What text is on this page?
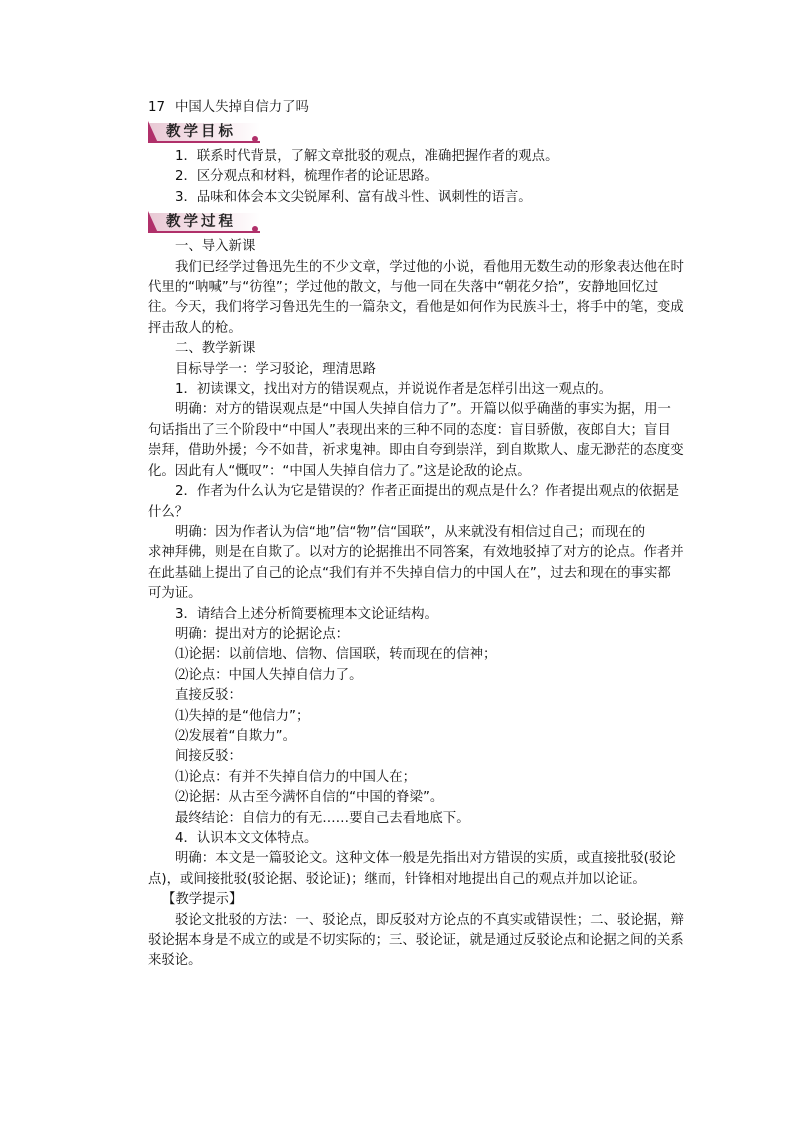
17 中国人失掉自信力了吗
教学目标
1．联系时代背景，了解文章批驳的观点，准确把握作者的观点。
2．区分观点和材料，梳理作者的论证思路。
3．品味和体会本文尖锐犀利、富有战斗性、讽刺性的语言。
教学过程
一、导入新课
我们已经学过鲁迅先生的不少文章，学过他的小说，看他用无数生动的形象表达他在时
代里的“呐喊”与“彷徨”；学过他的散文，与他一同在失落中“朝花夕拾”，安静地回忆过
往。今天，我们将学习鲁迅先生的一篇杂文，看他是如何作为民族斗士，将手中的笔，变成
抨击敌人的枪。
二、教学新课
目标导学一：学习驳论，理清思路
1．初读课文，找出对方的错误观点，并说说作者是怎样引出这一观点的。
明确：对方的错误观点是“中国人失掉自信力了”。开篇以似乎确凿的事实为据，用一
句话指出了三个阶段中“中国人”表现出来的三种不同的态度：盲目骄傲，夜郎自大；盲目
崇拜，借助外援；今不如昔，祈求鬼神。即由自夸到崇洋，到自欺欺人、虚无渺茫的态度变
化。因此有人“慨叹”：“中国人失掉自信力了。”这是论敌的论点。
2．作者为什么认为它是错误的？作者正面提出的观点是什么？作者提出观点的依据是
什么？
明确：因为作者认为信“地”信“物”信“国联”，从来就没有相信过自己；而现在的
求神拜佛，则是在自欺了。以对方的论据推出不同答案，有效地驳掉了对方的论点。作者并
在此基础上提出了自己的论点“我们有并不失掉自信力的中国人在”，过去和现在的事实都
可为证。
3．请结合上述分析简要梳理本文论证结构。
明确：提出对方的论据论点：
⑴论据：以前信地、信物、信国联，转而现在的信神；
⑵论点：中国人失掉自信力了。
直接反驳：
⑴失掉的是“他信力”；
⑵发展着“自欺力”。
间接反驳：
⑴论点：有并不失掉自信力的中国人在；
⑵论据：从古至今满怀自信的“中国的脊梁”。
最终结论：自信力的有无……要自己去看地底下。
4．认识本文文体特点。
明确：本文是一篇驳论文。这种文体一般是先指出对方错误的实质，或直接批驳(驳论
点)，或间接批驳(驳论据、驳论证)；继而，针锋相对地提出自己的观点并加以论证。
【教学提示】
驳论文批驳的方法：一、驳论点，即反驳对方论点的不真实或错误性；二、驳论据，辩
驳论据本身是不成立的或是不切实际的；三、驳论证，就是通过反驳论点和论据之间的关系
来驳论。
